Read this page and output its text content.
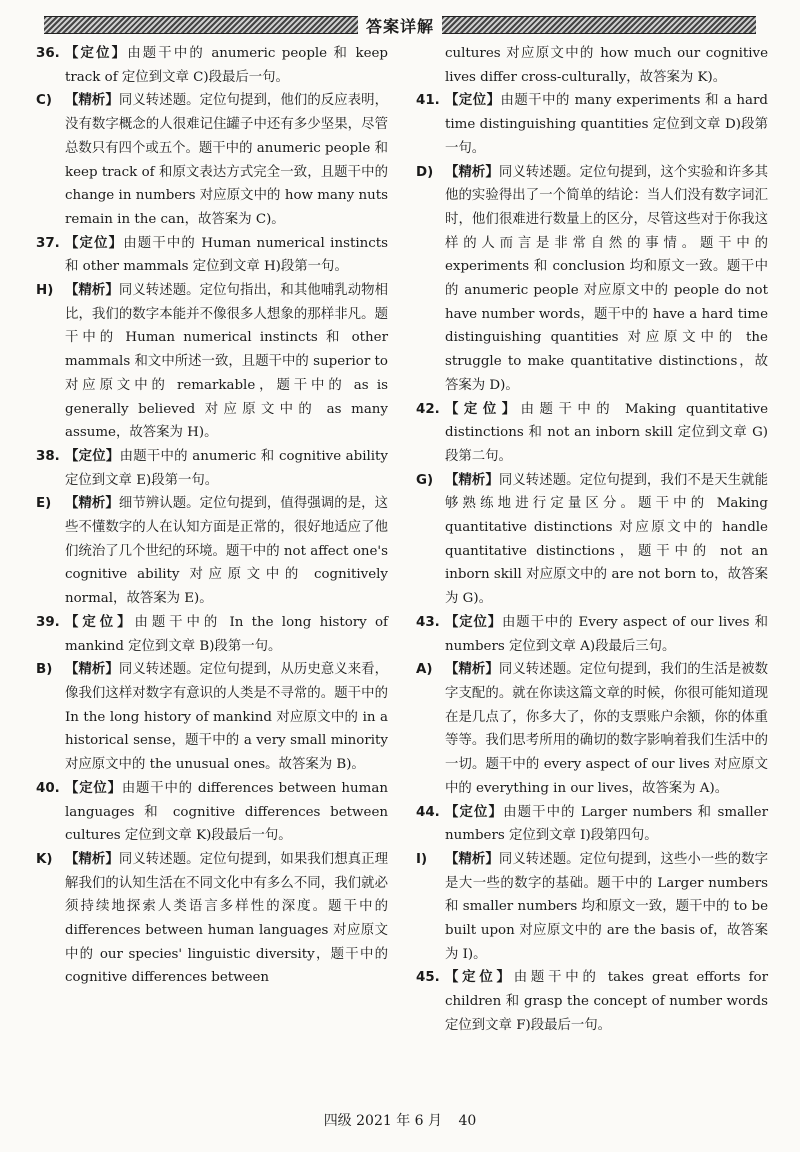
答案详解
36. 【定位】由题干中的 anumeric people 和 keep track of 定位到文章 C)段最后一句。
C) 【精析】同义转述题。定位句提到，他们的反应表明，没有数字概念的人很难记住罐子中还有多少坚果，尽管总数只有四个或五个。题干中的 anumeric people 和 keep track of 和原文表达方式完全一致，且题干中的 change in numbers 对应原文中的 how many nuts remain in the can，故答案为 C)。
37. 【定位】由题干中的 Human numerical instincts 和 other mammals 定位到文章 H)段第一句。
H) 【精析】同义转述题。定位句指出，和其他哺乳动物相比，我们的数字本能并不像很多人想象的那样非凡。题干中的 Human numerical instincts 和 other mammals 和文中所述一致，且题干中的 superior to 对应原文中的 remarkable，题干中的 as is generally believed 对应原文中的 as many assume，故答案为 H)。
38. 【定位】由题干中的 anumeric 和 cognitive ability 定位到文章 E)段第一句。
E)	【精析】细节辨认题。定位句提到，值得强调的是，这些不懂数字的人在认知方面是正常的，很好地适应了他们统治了几个世纪的环境。题干中的 not affect one's cognitive ability 对应原文中的 cognitively normal，故答案为 E)。
39. 【定位】由题干中的 In the long history of mankind 定位到文章 B)段第一句。
B) 【精析】同义转述题。定位句提到，从历史意义来看，像我们这样对数字有意识的人类是不寻常的。题干中的 In the long history of mankind 对应原文中的 in a historical sense，题干中的 a very small minority 对应原文中的 the unusual ones。故答案为 B)。
40. 【定位】由题干中的 differences between human languages 和 cognitive differences between cultures 定位到文章 K)段最后一句。
K) 【精析】同义转述题。定位句提到，如果我们想真正理解我们的认知生活在不同文化中有多么不同，我们就必须持续地探索人类语言多样性的深度。题干中的 differences between human languages 对应原文中的 our species' linguistic diversity，题干中的 cognitive differences between
cultures 对应原文中的 how much our cognitive lives differ cross-culturally，故答案为 K)。
41. 【定位】由题干中的 many experiments 和 a hard time distinguishing quantities 定位到文章 D)段第一句。
D) 【精析】同义转述题。定位句提到，这个实验和许多其他的实验得出了一个简单的结论：当人们没有数字词汇时，他们很难进行数量上的区分，尽管这些对于你我这样的人而言是非常自然的事情。题干中的 experiments 和 conclusion 均和原文一致。题干中的 anumeric people 对应原文中的 people do not have number words，题干中的 have a hard time distinguishing quantities 对应原文中的 the struggle to make quantitative distinctions，故答案为 D)。
42. 【定位】由题干中的 Making quantitative distinctions 和 not an inborn skill 定位到文章 G)段第二句。
G) 【精析】同义转述题。定位句提到，我们不是天生就能够熟练地进行定量区分。题干中的 Making quantitative distinctions 对应原文中的 handle quantitative distinctions，题干中的 not an inborn skill 对应原文中的 are not born to，故答案为 G)。
43. 【定位】由题干中的 Every aspect of our lives 和 numbers 定位到文章 A)段最后三句。
A) 【精析】同义转述题。定位句提到，我们的生活是被数字支配的。就在你读这篇文章的时候，你很可能知道现在是几点了，你多大了，你的支票账户余额，你的体重等等。我们思考所用的确切的数字影响着我们生活中的一切。题干中的 every aspect of our lives 对应原文中的 everything in our lives，故答案为 A)。
44. 【定位】由题干中的 Larger numbers 和 smaller numbers 定位到文章 I)段第四句。
I)	【精析】同义转述题。定位句提到，这些小一些的数字是大一些的数字的基础。题干中的 Larger numbers 和 smaller numbers 均和原文一致，题干中的 to be built upon 对应原文中的 are the basis of，故答案为 I)。
45. 【定位】由题干中的 takes great efforts for children 和 grasp the concept of number words 定位到文章 F)段最后一句。
四级 2021 年 6 月 40
